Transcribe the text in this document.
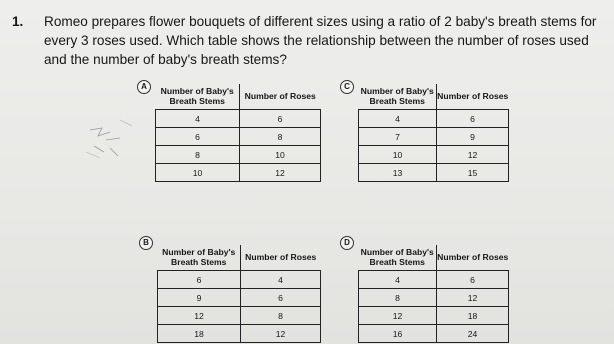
1. Romeo prepares flower bouquets of different sizes using a ratio of 2 baby's breath stems for every 3 roses used. Which table shows the relationship between the number of roses used and the number of baby's breath stems?
A	Number of Baby's Breath Stems	Number of Roses
4	6
6	8
8	10
10	12
C	Number of Baby's Breath Stems	Number of Roses
4	6
7	9
10	12
13	15
B
Number of Baby's Breath Stems	Number of Roses
6	4
9	6
12	8
18	12
D
Number of Baby's Breath Stems	Number of Roses
4	6
8	12
12	18
16	24
